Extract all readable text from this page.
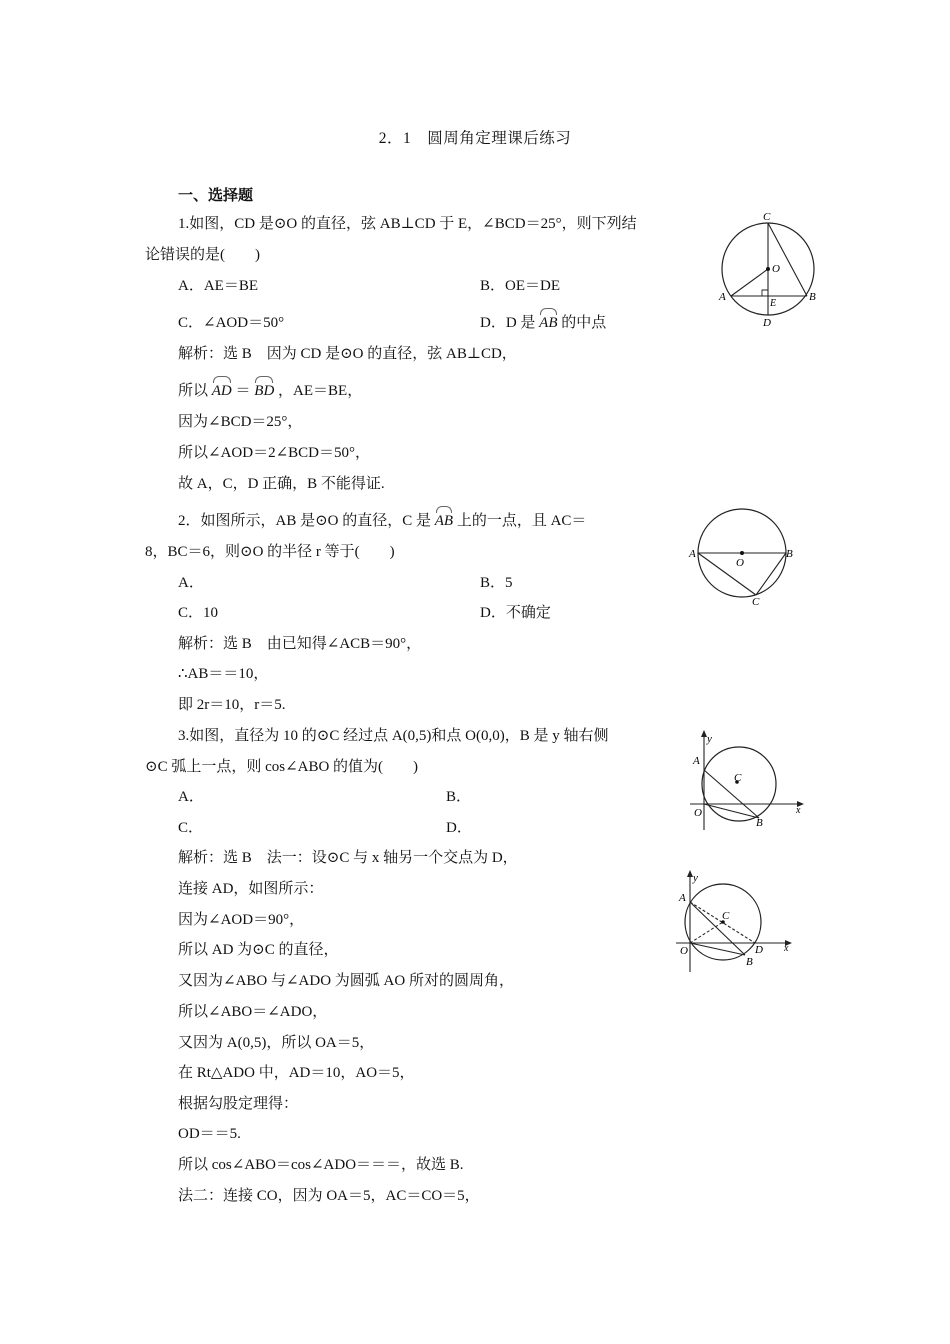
2．1　圆周角定理课后练习
一、选择题
1.如图，CD 是⊙O 的直径，弦 AB⊥CD 于 E，∠BCD＝25°，则下列结
论错误的是(　　)
A．AE＝BE	B．OE＝DE
C．∠AOD＝50°	D．D 是 AB 的中点
解析：选 B　因为 CD 是⊙O 的直径，弦 AB⊥CD，
所以 AD ＝ BD ，AE＝BE，
因为∠BCD＝25°，
所以∠AOD＝2∠BCD＝50°，
故 A，C，D 正确，B 不能得证.
2．如图所示，AB 是⊙O 的直径，C 是 AB 上的一点，且 AC＝
8，BC＝6，则⊙O 的半径 r 等于(　　)
A．	B．5
C．10	D．不确定
解析：选 B　由已知得∠ACB＝90°，
∴AB＝＝10，
即 2r＝10，r＝5.
3.如图，直径为 10 的⊙C 经过点 A(0,5)和点 O(0,0)，B 是 y 轴右侧
⊙C 弧上一点，则 cos∠ABO 的值为(　　)
A．	B．
C．	D．
解析：选 B　法一：设⊙C 与 x 轴另一个交点为 D，
连接 AD，如图所示：
因为∠AOD＝90°，
所以 AD 为⊙C 的直径，
又因为∠ABO 与∠ADO 为圆弧 AO 所对的圆周角，
所以∠ABO＝∠ADO，
又因为 A(0,5)，所以 OA＝5，
在 Rt△ADO 中，AD＝10，AO＝5，
根据勾股定理得：
OD＝＝5.
所以 cos∠ABO＝cos∠ADO＝＝＝，故选 B.
法二：连接 CO，因为 OA＝5，AC＝CO＝5，
C
O
A
E
B
D
A
O
B
C
y
A
C
O
B
x
y
A
C
O	D
B
x
